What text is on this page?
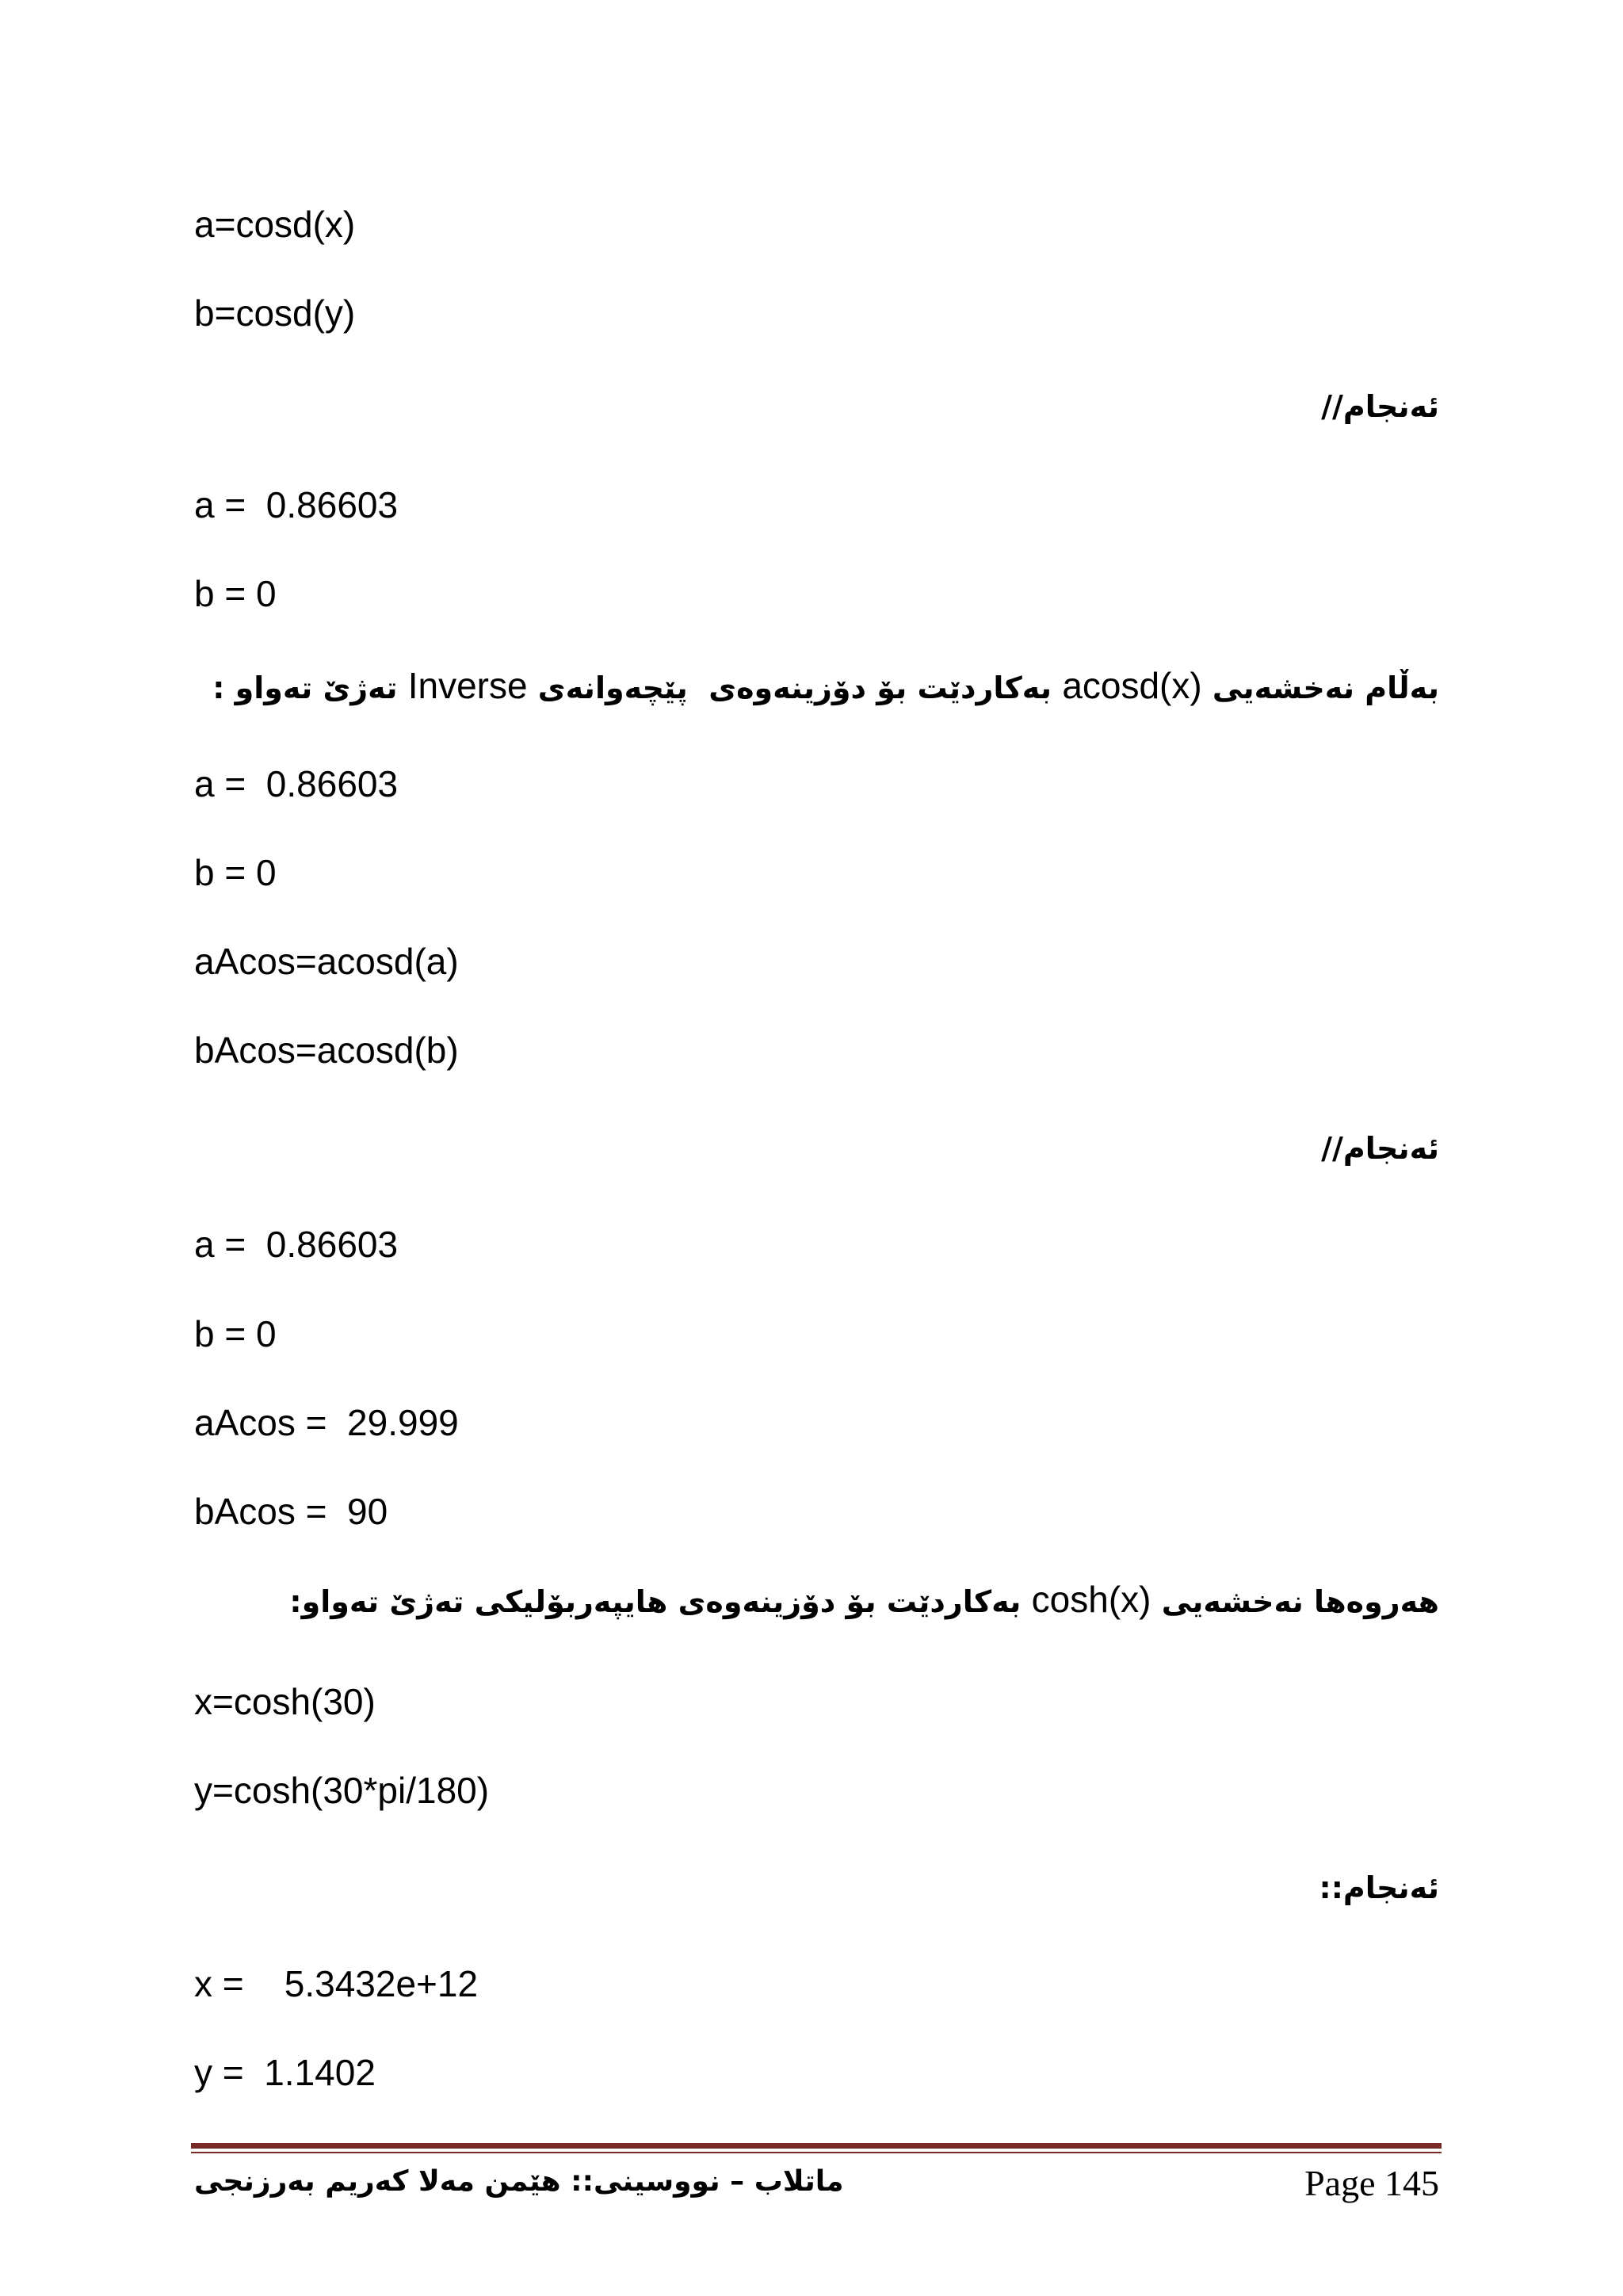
a=cosd(x)
b=cosd(y)
ئەنجام//
a =  0.86603
b = 0
بەڵام نەخشەیی acosd(x) بەکاردێت بۆ دۆزینەوەی  پێچەوانەی Inverse تەژێ تەواو :
a =  0.86603
b = 0
aAcos=acosd(a)
bAcos=acosd(b)
ئەنجام//
a =  0.86603
b = 0
aAcos =  29.999
bAcos =  90
هەروەها نەخشەیی cosh(x) بەکاردێت بۆ دۆزینەوەی هایپەربۆلیکی تەژێ تەواو:
x=cosh(30)
y=cosh(30*pi/180)
ئەنجام::
x =    5.3432e+12
y =  1.1402
ماتلاب – نووسینی:: هێمن مەلا کەریم بەرزنجی	Page 145
